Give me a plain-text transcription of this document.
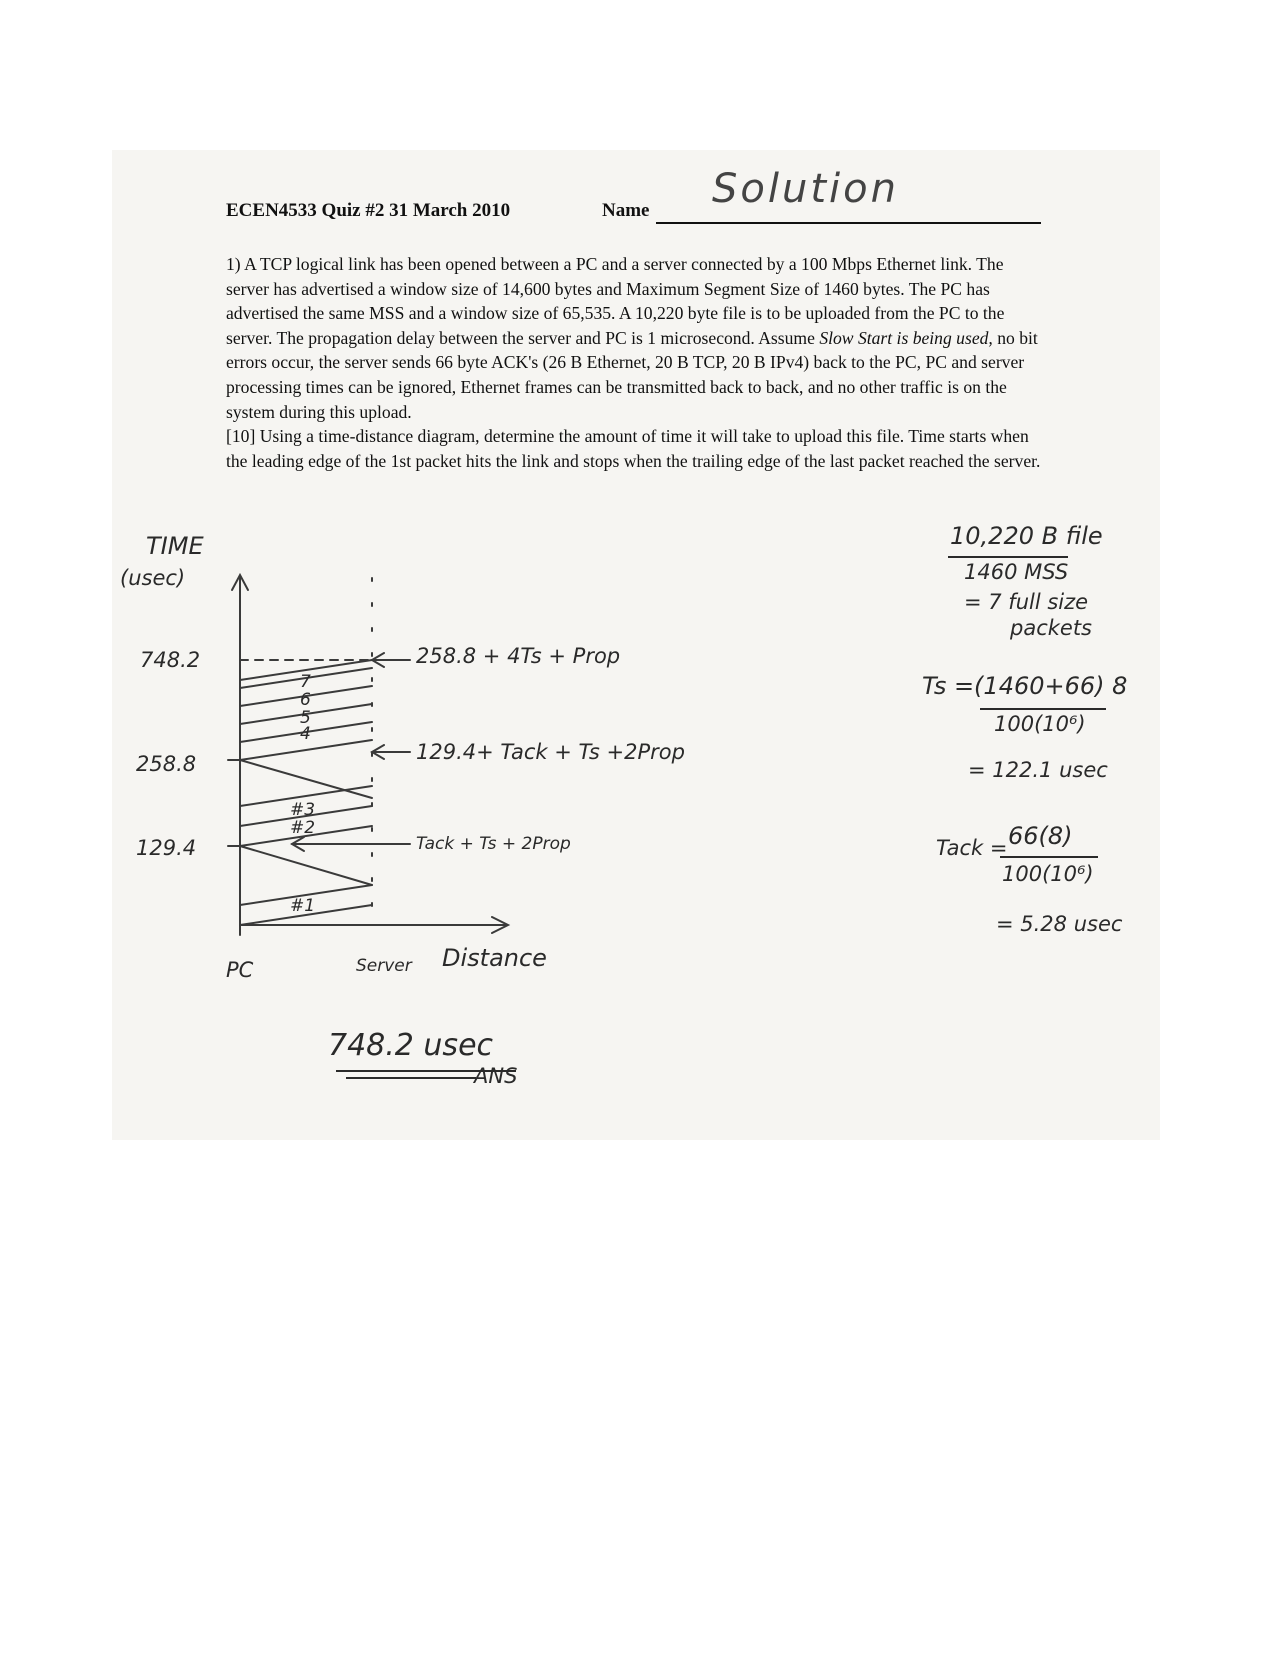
ECEN4533 Quiz #2 31 March 2010	Name Solution

1) A TCP logical link has been opened between a PC and a server connected by a 100 Mbps Ethernet link. The server has advertised a window size of 14,600 bytes and Maximum Segment Size of 1460 bytes. The PC has advertised the same MSS and a window size of 65,535. A 10,220 byte file is to be uploaded from the PC to the server. The propagation delay between the server and PC is 1 microsecond. Assume Slow Start is being used, no bit errors occur, the server sends 66 byte ACK's (26 B Ethernet, 20 B TCP, 20 B IPv4) back to the PC, PC and server processing times can be ignored, Ethernet frames can be transmitted back to back, and no other traffic is on the system during this upload.

[10] Using a time-distance diagram, determine the amount of time it will take to upload this file. Time starts when the leading edge of the 1st packet hits the link and stops when the trailing edge of the last packet reached the server.

TIME
(usec)
748.2
258.8
129.4
258.8 + 4Ts + Prop
129.4+ Tack + Ts +2Prop
Tack + Ts + 2Prop
#1
#2
#3
4
5
6
7
PC	Server Distance
10,220 B file
1460 MSS
= 7 full size
packets
Ts =(1460+66) 8
100(10⁶)
= 122.1 usec
Tack = 66(8)
100(10⁶)
= 5.28 usec
748.2 usec
ANS
